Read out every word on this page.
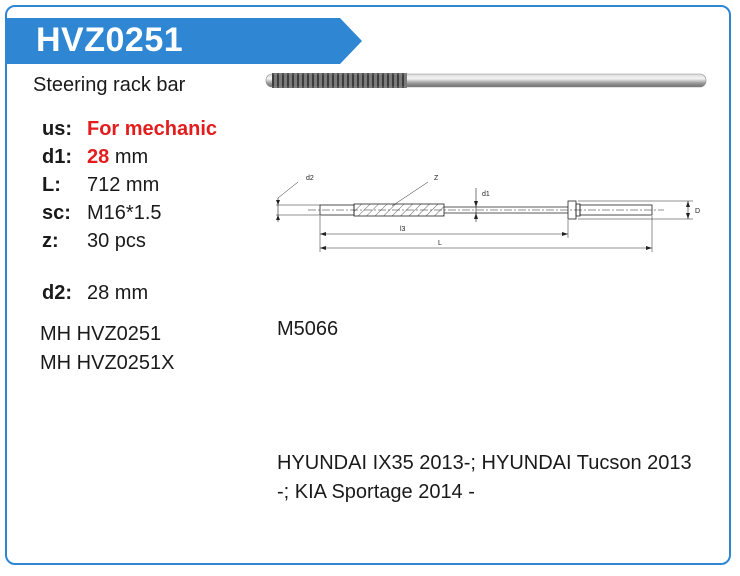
HVZ0251
Steering rack bar
us: For mechanic
d1: 28 mm
L: 712 mm
sc: M16*1.5
z: 30 pcs
d2: 28 mm
d2	Z
d1
D
l3
L
MH HVZ0251
MH HVZ0251X
M5066
HYUNDAI IX35 2013-; HYUNDAI Tucson 2013 -; KIA Sportage 2014 -
